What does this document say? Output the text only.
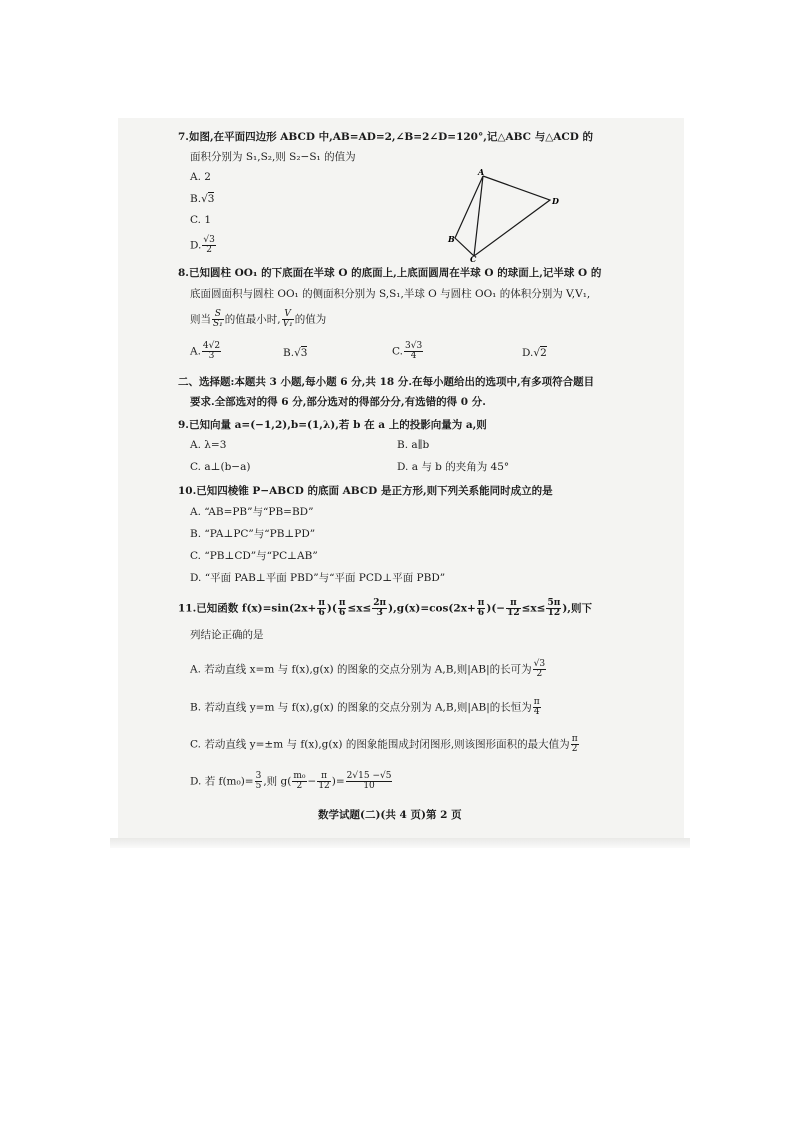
7.如图,在平面四边形 ABCD 中,AB=AD=2,∠B=2∠D=120°,记△ABC 与△ACD 的
面积分别为 S₁,S₂,则 S₂−S₁ 的值为
A. 2
B.√3
C. 1
D. $\frac{√3}{2}$
A
D
B
C
8.已知圆柱 OO₁ 的下底面在半球 O 的底面上,上底面圆周在半球 O 的球面上,记半球 O 的
底面圆面积与圆柱 OO₁ 的侧面积分别为 S,S₁,半球 O 与圆柱 OO₁ 的体积分别为 V,V₁,
则当 $\frac{S}{\text{S₁}}$ 的值最小时, $\frac{V}{\text{V₁}}$ 的值为
A. $\frac{4√2}{3}$	B.√3	C. $\frac{3√3}{4}$	D.√2
二、选择题:本题共 3 小题,每小题 6 分,共 18 分.在每小题给出的选项中,有多项符合题目
要求.全部选对的得 6 分,部分选对的得部分分,有选错的得 0 分.
9.已知向量 a=(−1,2),b=(1,λ),若 b 在 a 上的投影向量为 a,则
A. λ=3	B. a∥b
C. a⊥(b−a)	D. a 与 b 的夹角为 45°
10.已知四棱锥 P−ABCD 的底面 ABCD 是正方形,则下列关系能同时成立的是
A. “AB=PB”与“PB=BD”
B. “PA⊥PC”与“PB⊥PD”
C. “PB⊥CD”与“PC⊥AB”
D. “平面 PAB⊥平面 PBD”与“平面 PCD⊥平面 PBD”
11.已知函数 $f(x)=\sin(2x+ \frac{\pi}{6}$ )( $\frac{\pi}{6} \le x\le \frac{2\pi}{3} ),g(x)=\cos(2x+ \frac{\pi}{6}$ )(− $\frac{\pi}{12} \le x\le \frac{5\pi}{12}$ ),则下
列结论正确的是
A. 若动直线 x=m 与 f(x),g(x) 的图象的交点分别为 A,B,则|AB|的长可为 $\frac{√3}{2}$
B. 若动直线 y=m 与 f(x),g(x) 的图象的交点分别为 A,B,则|AB|的长恒为 $\frac{\pi}{4}$
C. 若动直线 y=±m 与 f(x),g(x) 的图象能围成封闭图形,则该图形面积的最大值为 $\frac{\pi}{2}$
D. 若 $f(m_0)= \frac{3}{5}$ ,则 $g( \frac{\text{m₀}}{2} - \frac{\pi}{12}$ )= $\frac{2√15 -√5}{10}$
数学试题(二)(共 4 页)第 2 页
